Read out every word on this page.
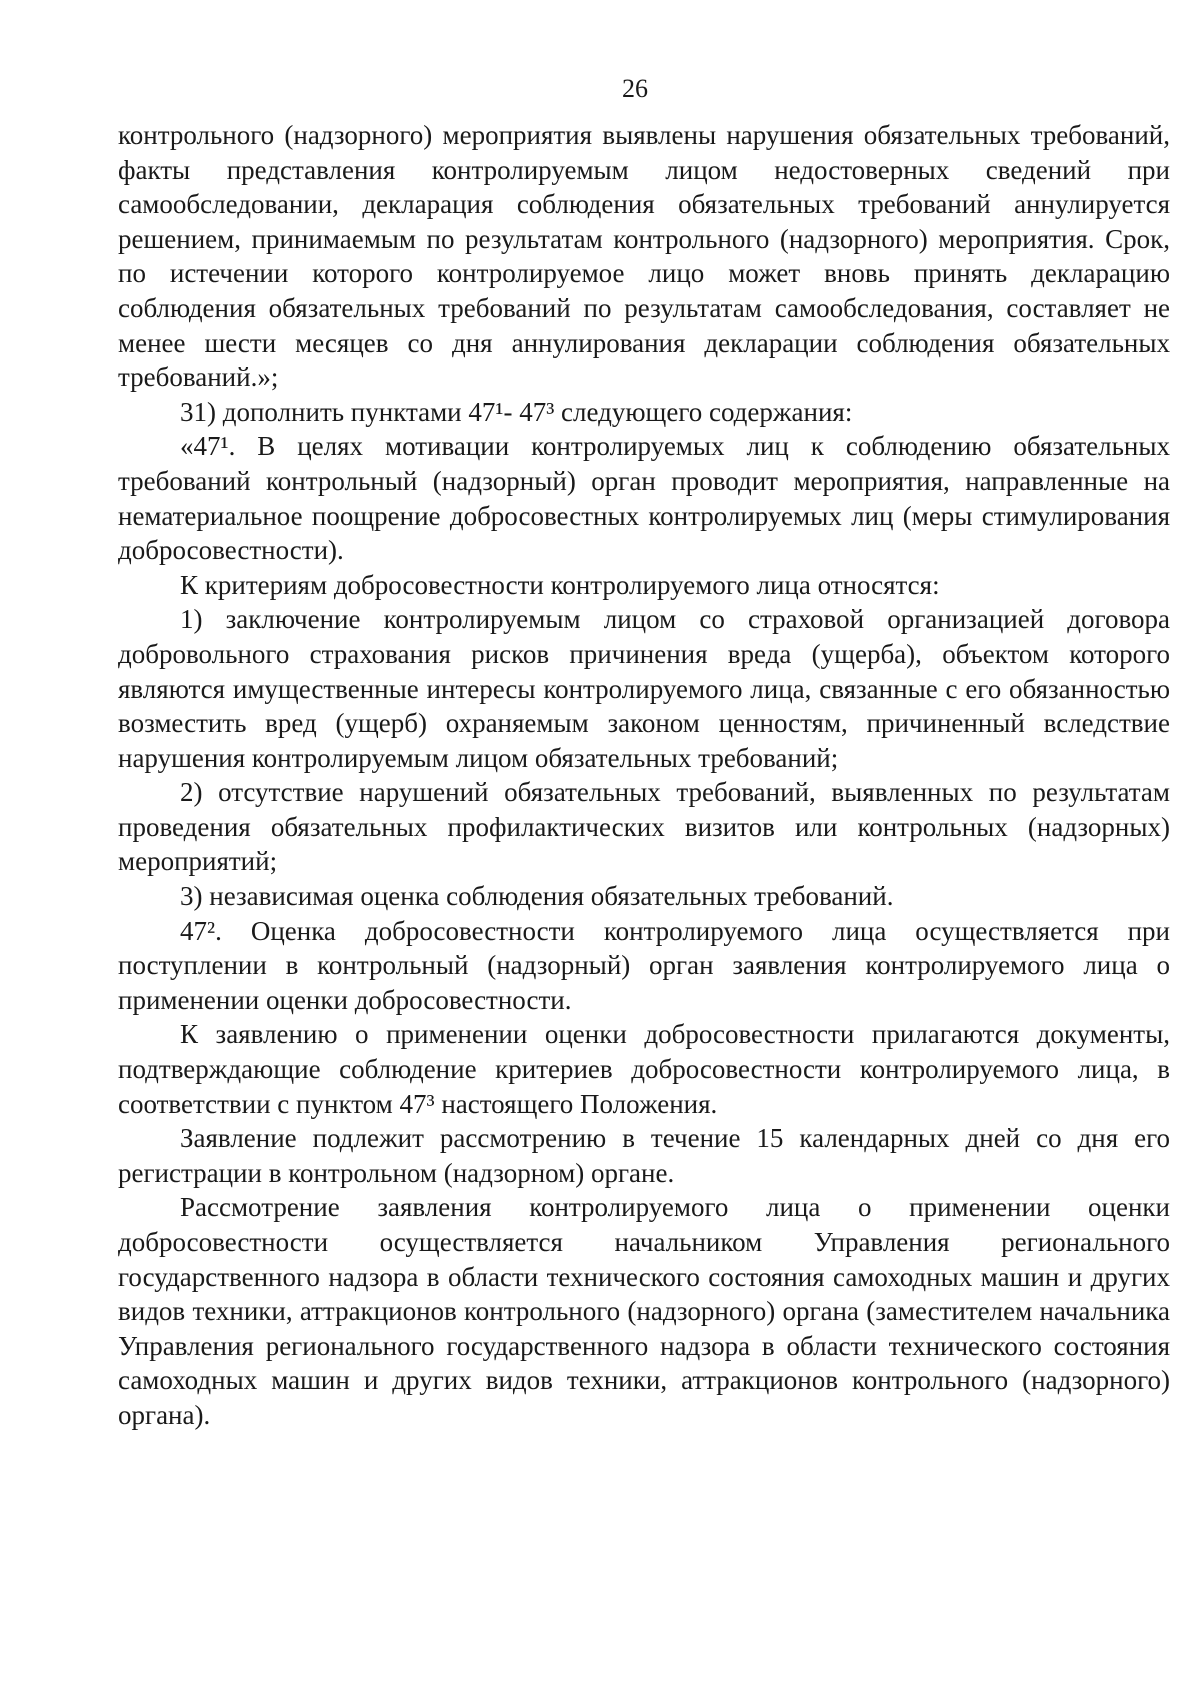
26

контрольного (надзорного) мероприятия выявлены нарушения обязательных требований, факты представления контролируемым лицом недостоверных сведений при самообследовании, декларация соблюдения обязательных требований аннулируется решением, принимаемым по результатам контрольного (надзорного) мероприятия. Срок, по истечении которого контролируемое лицо может вновь принять декларацию соблюдения обязательных требований по результатам самообследования, составляет не менее шести месяцев со дня аннулирования декларации соблюдения обязательных требований.»;

31) дополнить пунктами 47¹- 47³ следующего содержания:

«47¹. В целях мотивации контролируемых лиц к соблюдению обязательных требований контрольный (надзорный) орган проводит мероприятия, направленные на нематериальное поощрение добросовестных контролируемых лиц (меры стимулирования добросовестности).

К критериям добросовестности контролируемого лица относятся:

1) заключение контролируемым лицом со страховой организацией договора добровольного страхования рисков причинения вреда (ущерба), объектом которого являются имущественные интересы контролируемого лица, связанные с его обязанностью возместить вред (ущерб) охраняемым законом ценностям, причиненный вследствие нарушения контролируемым лицом обязательных требований;

2) отсутствие нарушений обязательных требований, выявленных по результатам проведения обязательных профилактических визитов или контрольных (надзорных) мероприятий;

3) независимая оценка соблюдения обязательных требований.

47². Оценка добросовестности контролируемого лица осуществляется при поступлении в контрольный (надзорный) орган заявления контролируемого лица о применении оценки добросовестности.

К заявлению о применении оценки добросовестности прилагаются документы, подтверждающие соблюдение критериев добросовестности контролируемого лица, в соответствии с пунктом 47³ настоящего Положения.

Заявление подлежит рассмотрению в течение 15 календарных дней со дня его регистрации в контрольном (надзорном) органе.

Рассмотрение заявления контролируемого лица о применении оценки добросовестности осуществляется начальником Управления регионального государственного надзора в области технического состояния самоходных машин и других видов техники, аттракционов контрольного (надзорного) органа (заместителем начальника Управления регионального государственного надзора в области технического состояния самоходных машин и других видов техники, аттракционов контрольного (надзорного) органа).
